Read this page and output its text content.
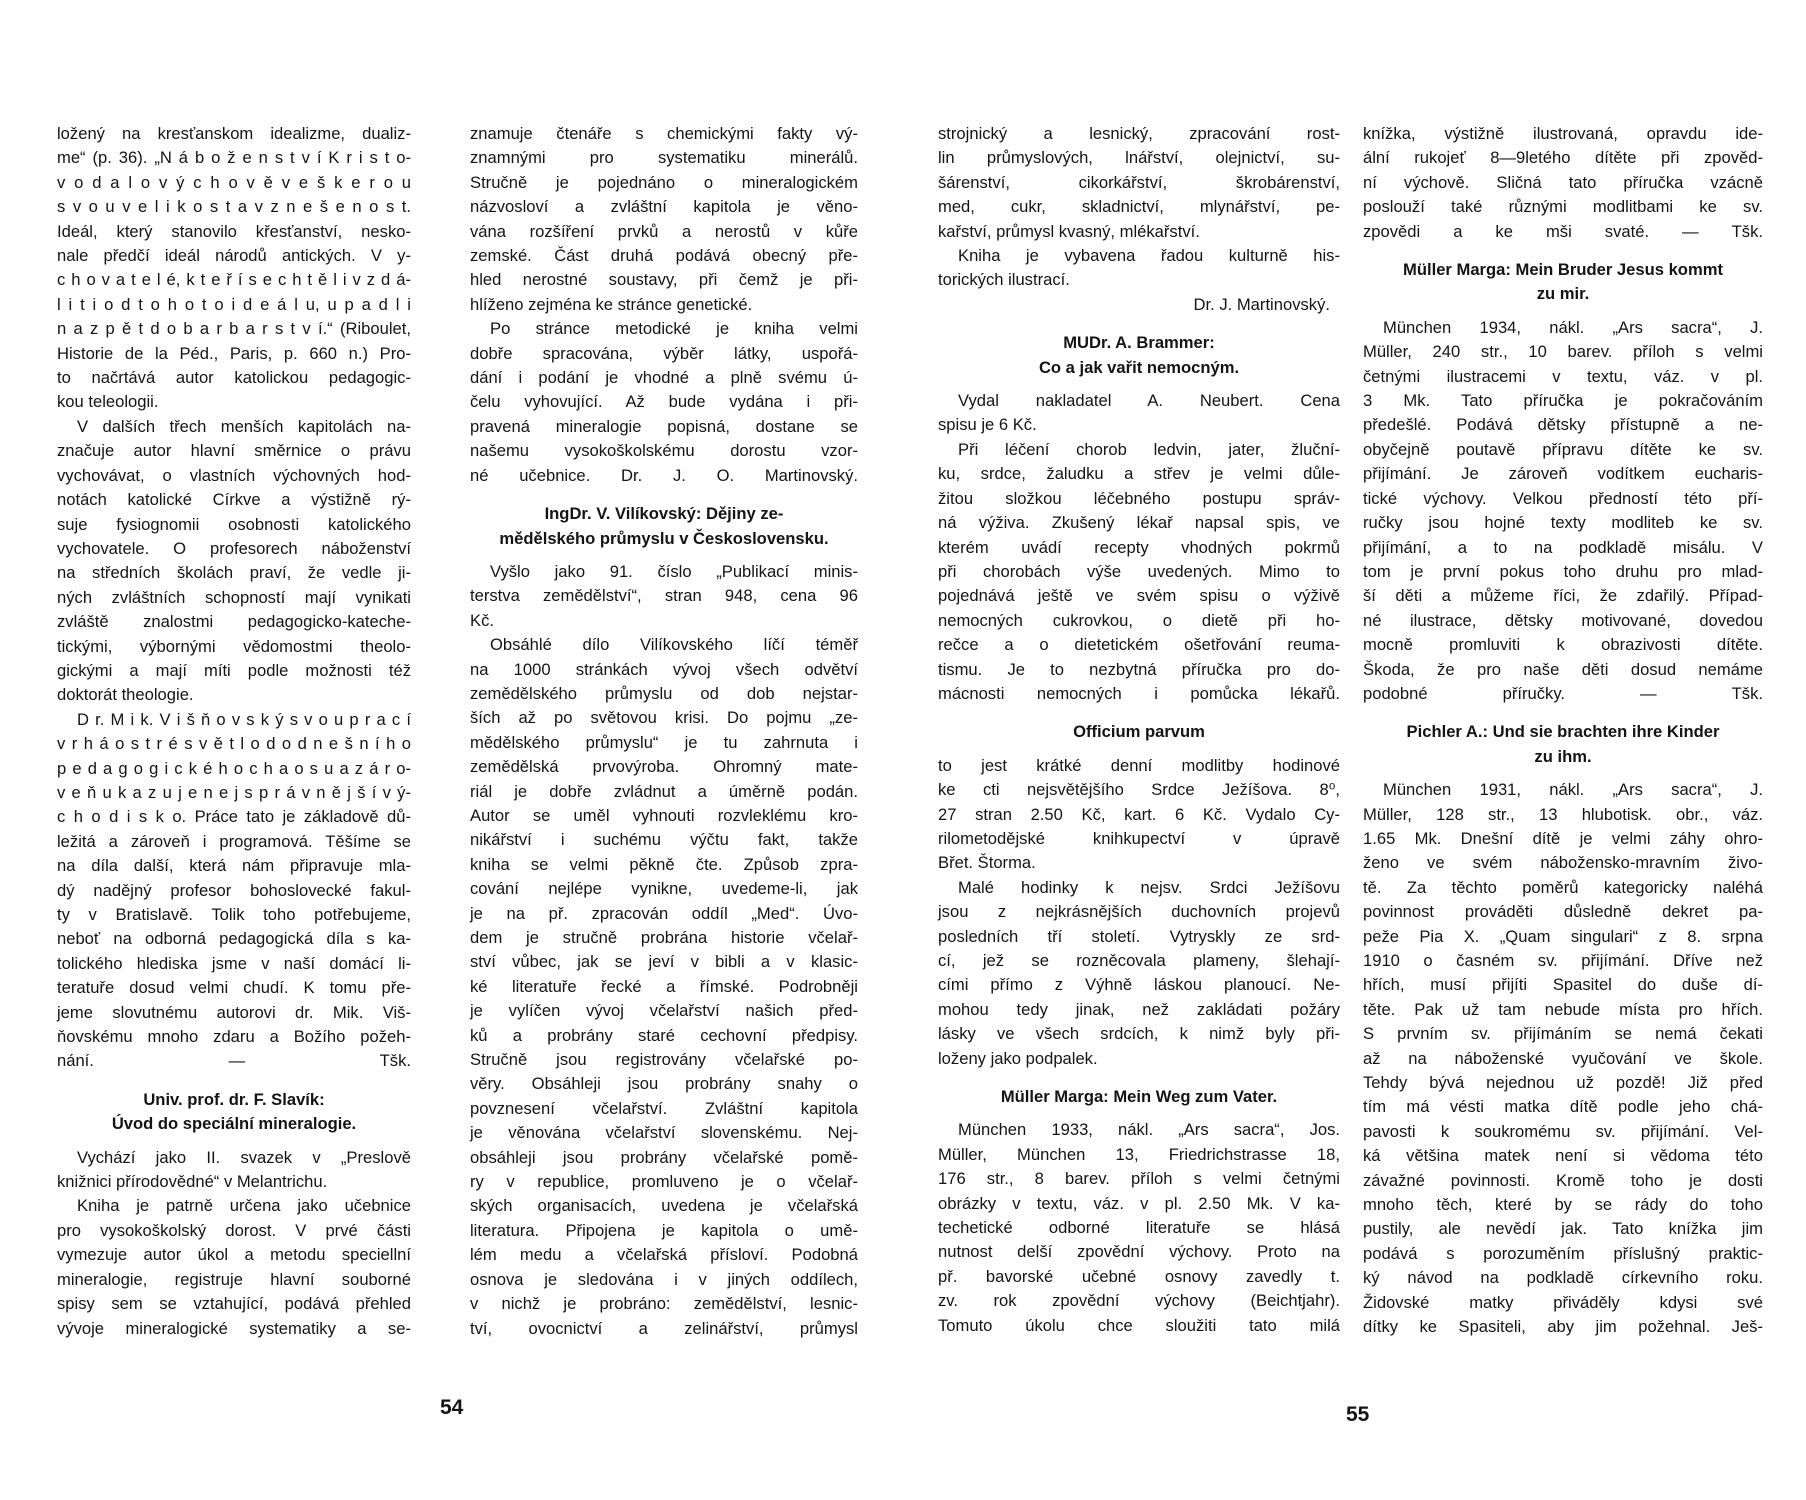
ložený na kresťanskom idealizme, dualiz-
me“ (p. 36). „N á b o ž e n s t v í K r i s t o-
v o d a l o v ý c h o v ě v e š k e r o u
s v o u v e l i k o s t a v z n e š e n o s t.
Ideál, který stanovilo křesťanství, nesko-
nale předčí ideál národů antických. V y-
c h o v a t e l é, k t e ř í s e c h t ě l i v z d á-
l i t i o d t o h o t o i d e á l u, u p a d l i
n a z p ě t d o b a r b a r s t v í.“ (Riboulet,
Historie de la Péd., Paris, p. 660 n.) Pro-
to načrtává autor katolickou pedagogic-
kou teleologii.
V dalších třech menších kapitolách na-
značuje autor hlavní směrnice o právu
vychovávat, o vlastních výchovných hod-
notách katolické Církve a výstižně rý-
suje fysiognomii osobnosti katolického
vychovatele. O profesorech náboženství
na středních školách praví, že vedle ji-
ných zvláštních schopností mají vynikati
zvláště znalostmi pedagogicko-kateche-
tickými, výbornými vědomostmi theolo-
gickými a mají míti podle možnosti též
doktorát theologie.
D r. M i k. V i š ň o v s k ý s v o u p r a c í
v r h á o s t r é s v ě t l o d o d n e š n í h o
p e d a g o g i c k é h o c h a o s u a z á r o-
v e ň u k a z u j e n e j s p r á v n ě j š í v ý-
c h o d i s k o. Práce tato je základově dů-
ležitá a zároveň i programová. Těšíme se
na díla další, která nám připravuje mla-
dý nadějný profesor bohoslovecké fakul-
ty v Bratislavě. Tolik toho potřebujeme,
neboť na odborná pedagogická díla s ka-
tolického hlediska jsme v naší domácí li-
teratuře dosud velmi chudí. K tomu pře-
jeme slovutnému autorovi dr. Mik. Viš-
ňovskému mnoho zdaru a Božího požeh-
nání. — Tšk.
Univ. prof. dr. F. Slavík:
Úvod do speciální mineralogie.
Vychází jako II. svazek v „Preslově
knižnici přírodovědné“ v Melantrichu.
Kniha je patrně určena jako učebnice
pro vysokoškolský dorost. V prvé části
vymezuje autor úkol a metodu speciellní
mineralogie, registruje hlavní souborné
spisy sem se vztahující, podává přehled
vývoje mineralogické systematiky a se-
znamuje čtenáře s chemickými fakty vý-
znamnými pro systematiku minerálů.
Stručně je pojednáno o mineralogickém
názvosloví a zvláštní kapitola je věno-
vána rozšíření prvků a nerostů v kůře
zemské. Část druhá podává obecný pře-
hled nerostné soustavy, při čemž je při-
hlíženo zejména ke stránce genetické.
Po stránce metodické je kniha velmi
dobře spracována, výběr látky, uspořá-
dání i podání je vhodné a plně svému ú-
čelu vyhovující. Až bude vydána i při-
pravená mineralogie popisná, dostane se
našemu vysokoškolskému dorostu vzor-
né učebnice. Dr. J. O. Martinovský.
IngDr. V. Vilíkovský: Dějiny ze-
mědělského průmyslu v Československu.
Vyšlo jako 91. číslo „Publikací minis-
terstva zemědělství“, stran 948, cena 96
Kč.
Obsáhlé dílo Vilíkovského líčí téměř
na 1000 stránkách vývoj všech odvětví
zemědělského průmyslu od dob nejstar-
ších až po světovou krisi. Do pojmu „ze-
mědělského průmyslu“ je tu zahrnuta i
zemědělská prvovýroba. Ohromný mate-
riál je dobře zvládnut a úměrně podán.
Autor se uměl vyhnouti rozvleklému kro-
nikářství i suchému výčtu fakt, takže
kniha se velmi pěkně čte. Způsob zpra-
cování nejlépe vynikne, uvedeme-li, jak
je na př. zpracován oddíl „Med“. Úvo-
dem je stručně probrána historie včelař-
ství vůbec, jak se jeví v bibli a v klasic-
ké literatuře řecké a římské. Podrobněji
je vylíčen vývoj včelařství našich před-
ků a probrány staré cechovní předpisy.
Stručně jsou registrovány včelařské po-
věry. Obsáhleji jsou probrány snahy o
povznesení včelařství. Zvláštní kapitola
je věnována včelařství slovenskému. Nej-
obsáhleji jsou probrány včelařské pomě-
ry v republice, promluveno je o včelař-
ských organisacích, uvedena je včelařská
literatura. Připojena je kapitola o umě-
lém medu a včelařská přísloví. Podobná
osnova je sledována i v jiných oddílech,
v nichž je probráno: zemědělství, lesnic-
tví, ovocnictví a zelinářství, průmysl
strojnický a lesnický, zpracování rost-
lin průmyslových, lnářství, olejnictví, su-
šárenství, cikorkářství, škrobárenství,
med, cukr, skladnictví, mlynářství, pe-
kařství, průmysl kvasný, mlékařství.
Kniha je vybavena řadou kulturně his-
torických ilustrací.
Dr. J. Martinovský.
MUDr. A. Brammer:
Co a jak vařit nemocným.
Vydal nakladatel A. Neubert. Cena
spisu je 6 Kč.
Při léčení chorob ledvin, jater, žluční-
ku, srdce, žaludku a střev je velmi důle-
žitou složkou léčebného postupu správ-
ná výživa. Zkušený lékař napsal spis, ve
kterém uvádí recepty vhodných pokrmů
při chorobách výše uvedených. Mimo to
pojednává ještě ve svém spisu o výživě
nemocných cukrovkou, o dietě při ho-
rečce a o dietetickém ošetřování reuma-
tismu. Je to nezbytná příručka pro do-
mácnosti nemocných i pomůcka lékařů.
Officium parvum
to jest krátké denní modlitby hodinové
ke cti nejsvětějšího Srdce Ježíšova. 8⁰,
27 stran 2.50 Kč, kart. 6 Kč. Vydalo Cy-
rilometodějské knihkupectví v úpravě
Břet. Štorma.
Malé hodinky k nejsv. Srdci Ježíšovu
jsou z nejkrásnějších duchovních projevů
posledních tří století. Vytryskly ze srd-
cí, jež se rozněcovala plameny, šlehají-
cími přímo z Výhně láskou planoucí. Ne-
mohou tedy jinak, než zakládati požáry
lásky ve všech srdcích, k nimž byly při-
loženy jako podpalek.
Müller Marga: Mein Weg zum Vater.
München 1933, nákl. „Ars sacra“, Jos.
Müller, München 13, Friedrichstrasse 18,
176 str., 8 barev. příloh s velmi četnými
obrázky v textu, váz. v pl. 2.50 Mk. V ka-
techetické odborné literatuře se hlásá
nutnost delší zpovědní výchovy. Proto na
př. bavorské učebné osnovy zavedly t.
zv. rok zpovědní výchovy (Beichtjahr).
Tomuto úkolu chce sloužiti tato milá
knížka, výstižně ilustrovaná, opravdu ide-
ální rukojeť 8—9letého dítěte při zpověd-
ní výchově. Sličná tato příručka vzácně
poslouží také různými modlitbami ke sv.
zpovědi a ke mši svaté. — Tšk.
Müller Marga: Mein Bruder Jesus kommt
zu mir.
München 1934, nákl. „Ars sacra“, J.
Müller, 240 str., 10 barev. příloh s velmi
četnými ilustracemi v textu, váz. v pl.
3 Mk. Tato příručka je pokračováním
předešlé. Podává dětsky přístupně a ne-
obyčejně poutavě přípravu dítěte ke sv.
přijímání. Je zároveň vodítkem eucharis-
tické výchovy. Velkou předností této pří-
ručky jsou hojné texty modliteb ke sv.
přijímání, a to na podkladě misálu. V
tom je první pokus toho druhu pro mlad-
ší děti a můžeme říci, že zdařilý. Případ-
né ilustrace, dětsky motivované, dovedou
mocně promluviti k obrazivosti dítěte.
Škoda, že pro naše děti dosud nemáme
podobné příručky. — Tšk.
Pichler A.: Und sie brachten ihre Kinder
zu ihm.
München 1931, nákl. „Ars sacra“, J.
Müller, 128 str., 13 hlubotisk. obr., váz.
1.65 Mk. Dnešní dítě je velmi záhy ohro-
ženo ve svém nábožensko-mravním živo-
tě. Za těchto poměrů kategoricky naléhá
povinnost prováděti důsledně dekret pa-
peže Pia X. „Quam singulari“ z 8. srpna
1910 o časném sv. přijímání. Dříve než
hřích, musí přijíti Spasitel do duše dí-
těte. Pak už tam nebude místa pro hřích.
S prvním sv. přijímáním se nemá čekati
až na náboženské vyučování ve škole.
Tehdy bývá nejednou už pozdě! Již před
tím má vésti matka dítě podle jeho chá-
pavosti k soukromému sv. přijímání. Vel-
ká většina matek není si vědoma této
závažné povinnosti. Kromě toho je dosti
mnoho těch, které by se rády do toho
pustily, ale nevědí jak. Tato knížka jim
podává s porozuměním příslušný praktic-
ký návod na podkladě církevního roku.
Židovské matky přiváděly kdysi své
dítky ke Spasiteli, aby jim požehnal. Ješ-
54	55
